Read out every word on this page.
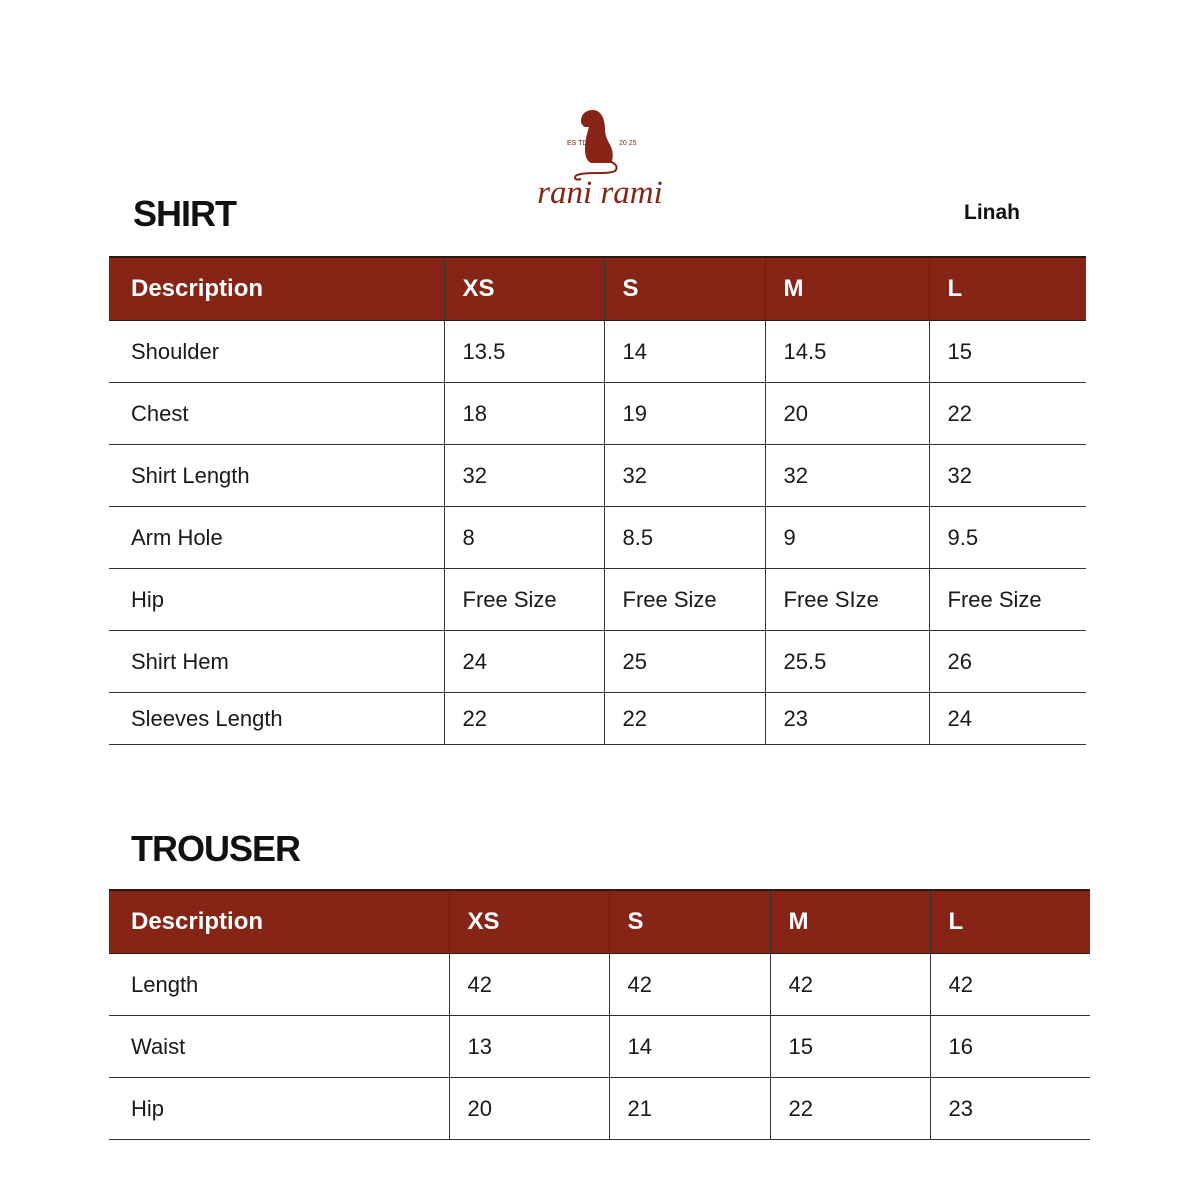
ES TD	20 25
rani rami
SHIRT	Linah
Description	XS	S	M	L
Shoulder	13.5	14	14.5	15
Chest	18	19	20	22
Shirt Length	32	32	32	32
Arm Hole	8	8.5	9	9.5
Hip	Free Size	Free Size	Free SIze	Free Size
Shirt Hem	24	25	25.5	26
Sleeves Length	22	22	23	24
TROUSER
Description	XS	S	M	L
Length	42	42	42	42
Waist	13	14	15	16
Hip	20	21	22	23
